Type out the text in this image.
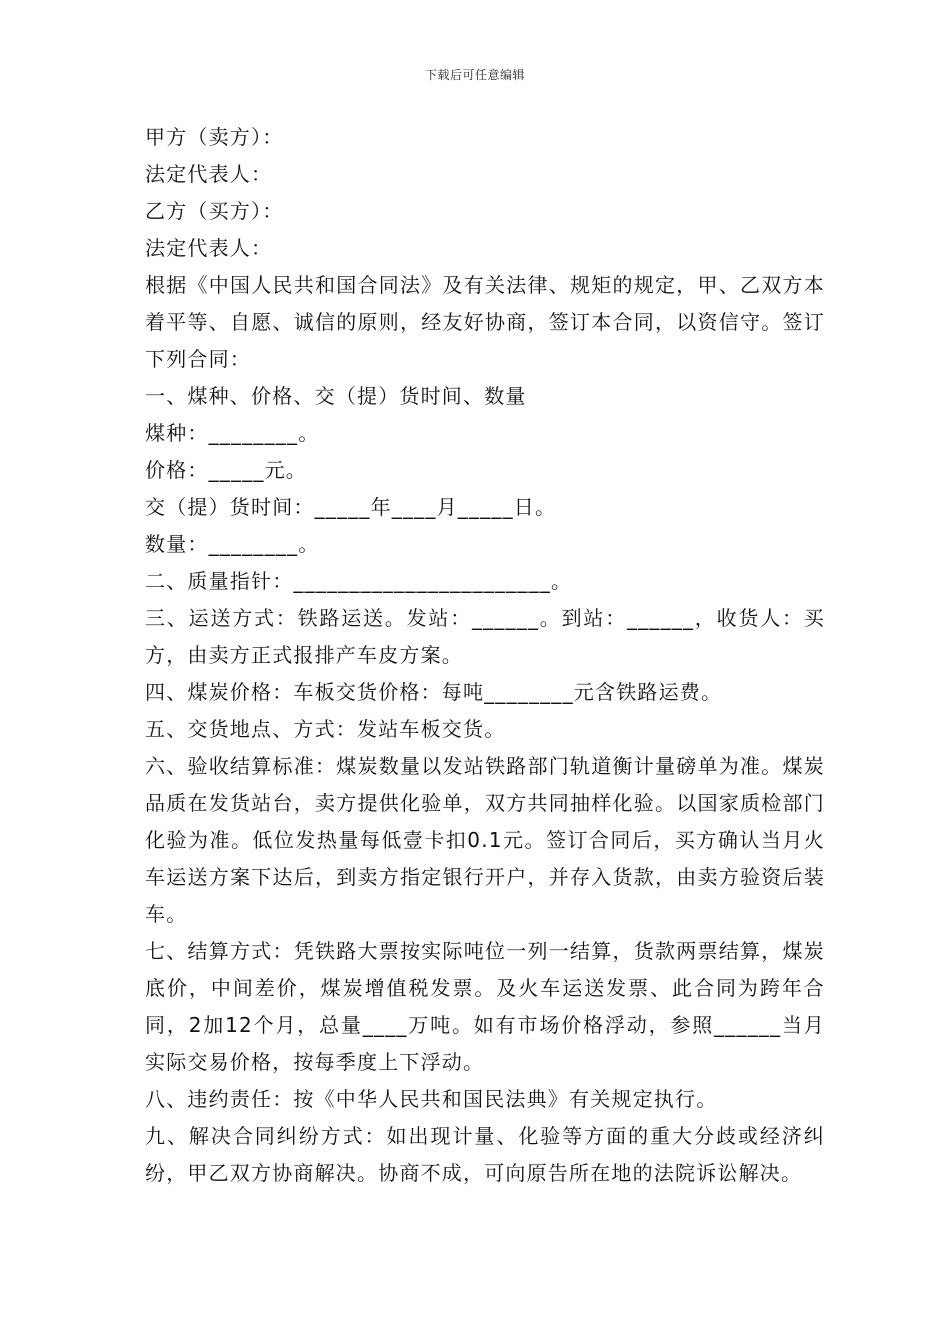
下载后可任意编辑

甲方（卖方）：

法定代表人：

乙方（买方）：

法定代表人：

根据《中国人民共和国合同法》及有关法律、规矩的规定，甲、乙双方本着平等、自愿、诚信的原则，经友好协商，签订本合同，以资信守。签订下列合同：

一、煤种、价格、交（提）货时间、数量

煤种：________。

价格：_____元。

交（提）货时间：_____年____月_____日。

数量：________。

二、质量指针：_______________________。

三、运送方式：铁路运送。发站：______。到站：______，收货人：买方，由卖方正式报排产车皮方案。

四、煤炭价格：车板交货价格：每吨________元含铁路运费。

五、交货地点、方式：发站车板交货。

六、验收结算标准：煤炭数量以发站铁路部门轨道衡计量磅单为准。煤炭品质在发货站台，卖方提供化验单，双方共同抽样化验。以国家质检部门化验为准。低位发热量每低壹卡扣0.1元。签订合同后，买方确认当月火车运送方案下达后，到卖方指定银行开户，并存入货款，由卖方验资后装车。

七、结算方式：凭铁路大票按实际吨位一列一结算，货款两票结算，煤炭底价，中间差价，煤炭增值税发票。及火车运送发票、此合同为跨年合同，2加12个月，总量____万吨。如有市场价格浮动，参照______当月实际交易价格，按每季度上下浮动。

八、违约责任：按《中华人民共和国民法典》有关规定执行。

九、解决合同纠纷方式：如出现计量、化验等方面的重大分歧或经济纠纷，甲乙双方协商解决。协商不成，可向原告所在地的法院诉讼解决。
